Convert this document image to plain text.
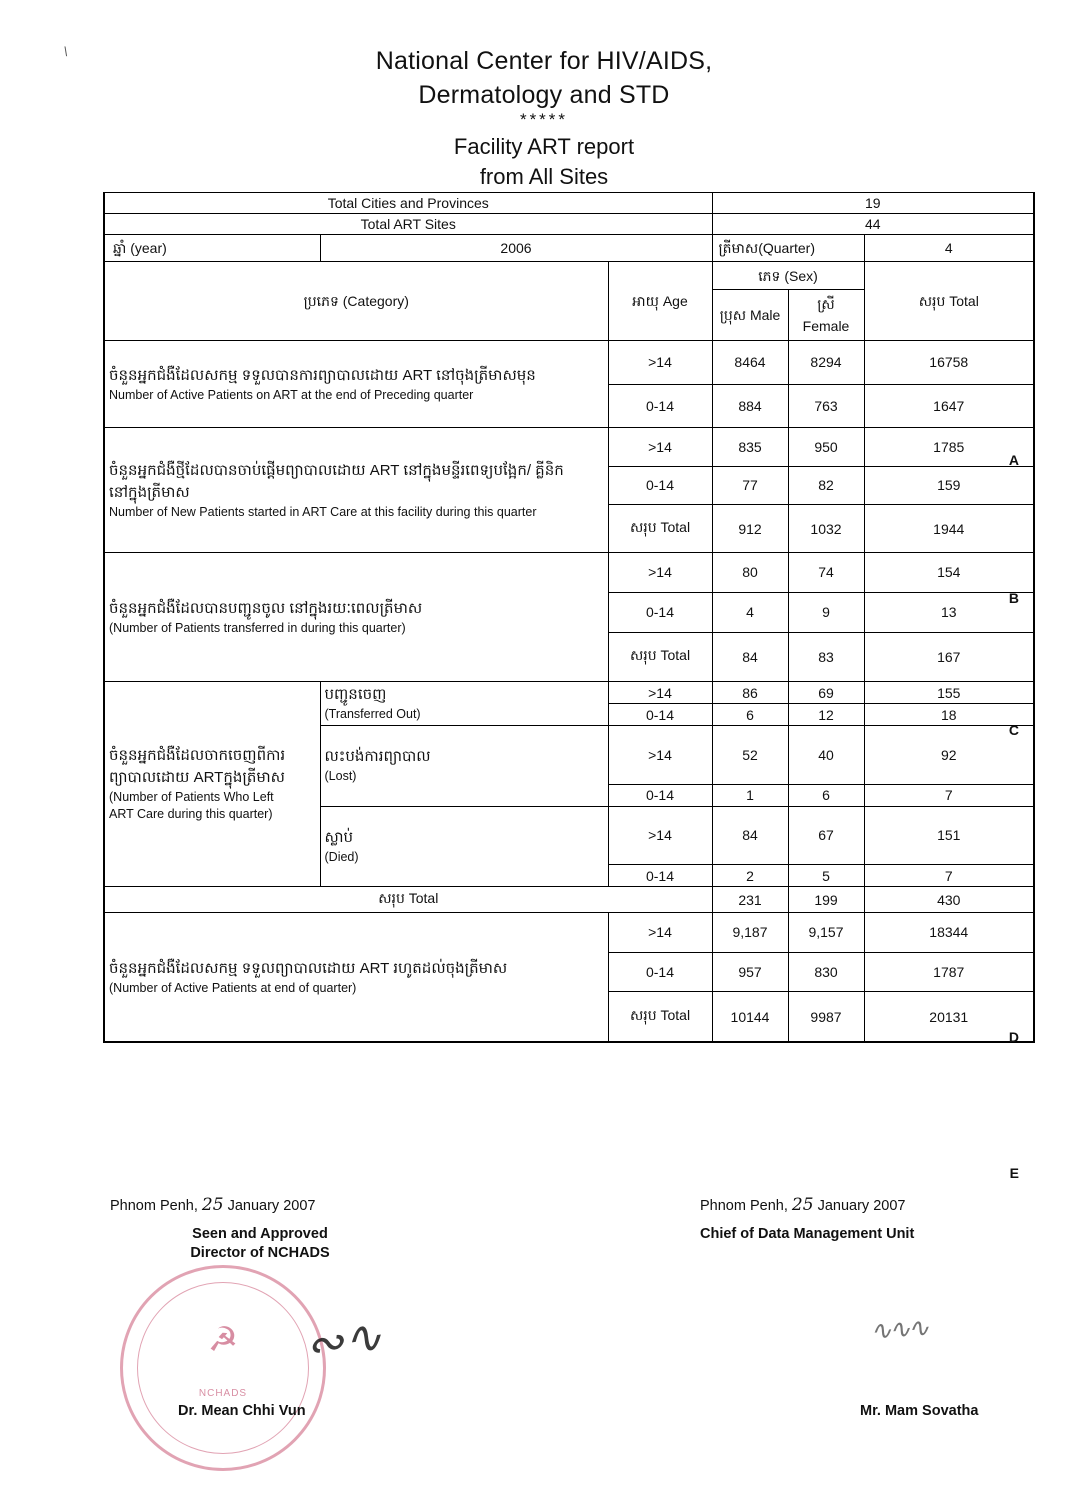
\	National Center for HIV/AIDS,
Dermatology and STD
*****
Facility ART report
from All Sites
Total Cities and Provinces			19		
Total ART Sites			44		
ឆ្នាំ (year)	2006		ត្រីមាស(Quarter)		4
ប្រភេទ (Category)		អាយុ Age	ភេទ (Sex)		សរុប Total
			ប្រុស Male	ស្រី Female	

ចំនួនអ្នកជំងឺដែលសកម្ម ទទួលបានការព្យាបាលដោយ ART នៅចុងត្រីមាសមុន
Number of Active Patients on ART at the end of Preceding quarter		>14	8464	8294	16758
		0-14	884	763	1647

ចំនួនអ្នកជំងឺថ្មីដែលបានចាប់ផ្តើមព្យាបាលដោយ ART នៅក្នុងមន្ទីរពេទ្យបង្អែក/ គ្លីនិក
នៅក្នុងត្រីមាស
Number of New Patients started in ART Care at this facility during this quarter		>14	835	950	1785
		0-14	77	82	159
		សរុប Total	912	1032	1944

ចំនួនអ្នកជំងឺដែលបានបញ្ជូនចូល នៅក្នុងរយៈពេលត្រីមាស
(Number of Patients transferred in during this quarter)		>14	80	74	154
		0-14	4	9	13
		សរុប Total	84	83	167

ចំនួនអ្នកជំងឺដែលចាកចេញពីការ
ព្យាបាលដោយ ARTក្នុងត្រីមាស
(Number of Patients Who Left
ART Care during this quarter)

បញ្ជូនចេញ
(Transferred Out)
	>14	86	69	155
		0-14	6	12	18

	លះបង់ការព្យាបាល
(Lost)	>14	52	40	92
		0-14	1	6	7

	ស្លាប់
(Died)	>14	84	67	151
		0-14	2	5	7
សរុប Total			231	199	430

ចំនួនអ្នកជំងឺដែលសកម្ម ទទួលព្យាបាលដោយ ART រហូតដល់ចុងត្រីមាស
(Number of Active Patients at end of quarter)		>14	9,187	9,157	18344
		0-14	957	830	1787
		សរុប Total	10144	9987	20131
A
B
C
D
E
Phnom Penh, 25 January 2007
Seen and Approved
Director of NCHADS
☭
NCHADS
∾∿
Dr. Mean Chhi Vun
Phnom Penh, 25 January 2007
Chief of Data Management Unit
∿∿∿
Mr. Mam Sovatha
